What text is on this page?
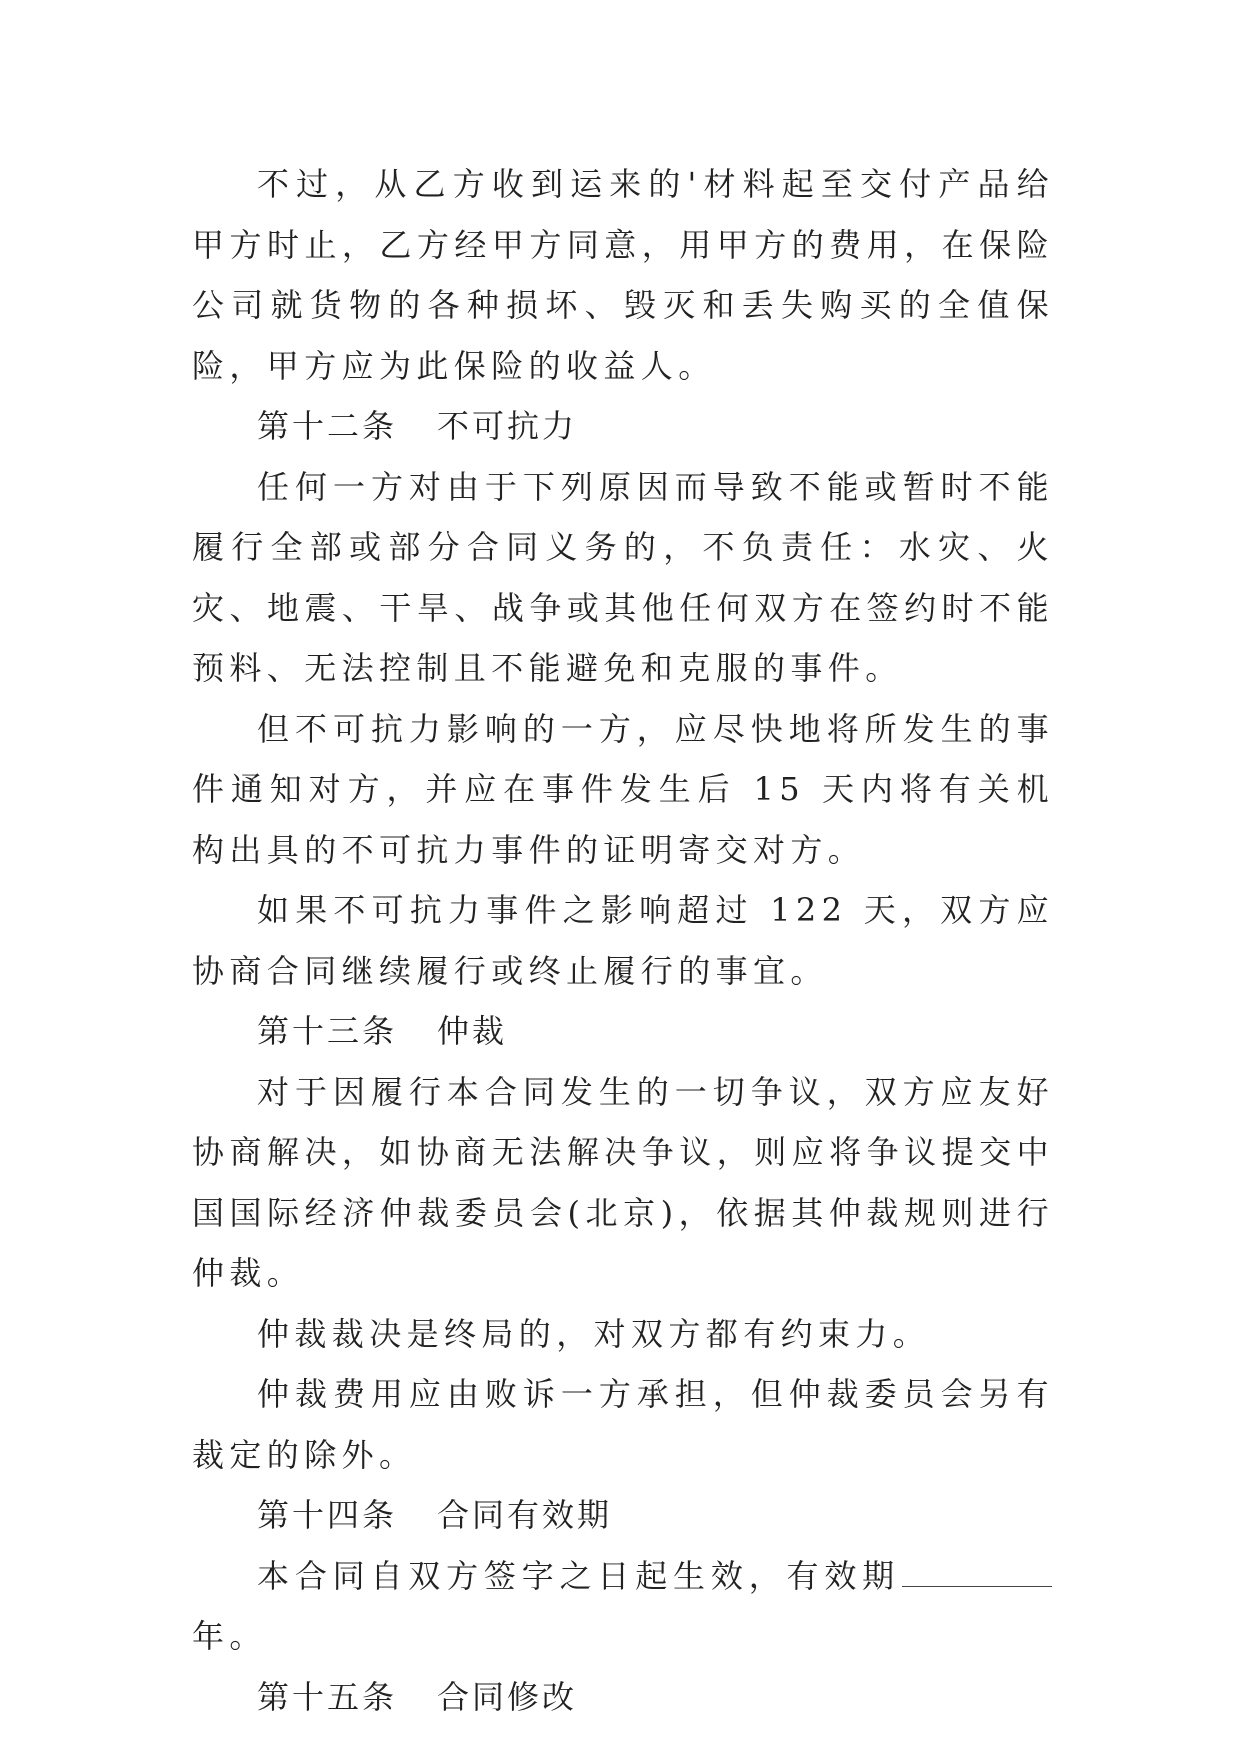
不过，从乙方收到运来的'材料起至交付产品给甲方时止，乙方经甲方同意，用甲方的费用，在保险公司就货物的各种损坏、毁灭和丢失购买的全值保险，甲方应为此保险的收益人。

第十二条 不可抗力

任何一方对由于下列原因而导致不能或暂时不能履行全部或部分合同义务的，不负责任：水灾、火灾、地震、干旱、战争或其他任何双方在签约时不能预料、无法控制且不能避免和克服的事件。

但不可抗力影响的一方，应尽快地将所发生的事件通知对方，并应在事件发生后 15 天内将有关机构出具的不可抗力事件的证明寄交对方。

如果不可抗力事件之影响超过 122 天，双方应协商合同继续履行或终止履行的事宜。

第十三条 仲裁

对于因履行本合同发生的一切争议，双方应友好协商解决，如协商无法解决争议，则应将争议提交中国国际经济仲裁委员会(北京)，依据其仲裁规则进行仲裁。

仲裁裁决是终局的，对双方都有约束力。

仲裁费用应由败诉一方承担，但仲裁委员会另有裁定的除外。

第十四条 合同有效期

本合同自双方签字之日起生效，有效期年。

第十五条 合同修改
